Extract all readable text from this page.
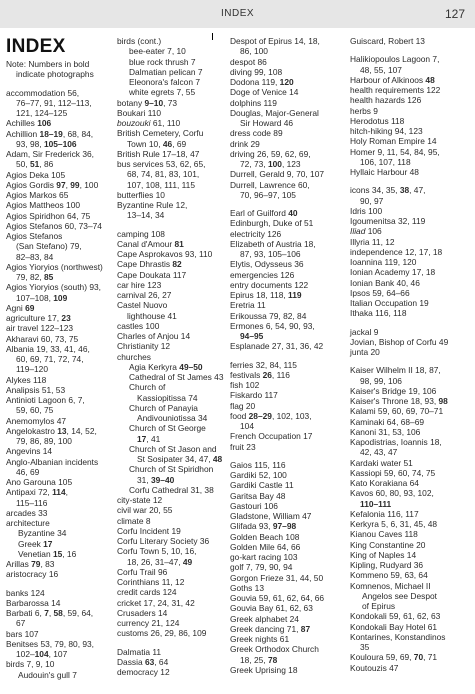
INDEX	127
INDEX
Note: Numbers in bold
indicate photographs
accommodation 56,
76–77, 91, 112–113,
121, 124–125
Achilles 106
Achillion 18–19, 68, 84,
93, 98, 105–106
Adam, Sir Frederick 36,
50, 51, 86
Agios Deka 105
Agios Gordis 97, 99, 100
Agios Markos 65
Agios Mattheos 100
Agios Spiridhon 64, 75
Agios Stefanos 60, 73–74
Agios Stefanos
(San Stefano) 79,
82–83, 84
Agios Yioryios (northwest)
79, 82, 85
Agios Yioryios (south) 93,
107–108, 109
Agni 69
agriculture 17, 23
air travel 122–123
Akharavi 60, 73, 75
Albania 19, 33, 41, 46,
60, 69, 71, 72, 74,
119–120
Alykes 118
Analipsis 51, 53
Antinioti Lagoon 6, 7,
59, 60, 75
Anemomylos 47
Angelokastro 13, 14, 52,
79, 86, 89, 100
Angevins 14
Anglo-Albanian incidents
46, 69
Ano Garouna 105
Antipaxi 72, 114,
115–116
arcades 33
architecture
Byzantine 34
Greek 17
Venetian 15, 16
Arillas 79, 83
aristocracy 16
banks 124
Barbarossa 14
Barbati 6, 7, 58, 59, 64,
67
bars 107
Benitses 53, 79, 80, 93,
102–104, 107
birds 7, 9, 10
Audouin's gull 7
birds (cont.)
bee-eater 7, 10
blue rock thrush 7
Dalmatian pelican 7
Eleonora's falcon 7
white egrets 7, 55
botany 9–10, 73
Boukari 110
bouzouki 61, 110
British Cemetery, Corfu
Town 10, 46, 69
British Rule 17–18, 47
bus services 53, 62, 65,
68, 74, 81, 83, 101,
107, 108, 111, 115
butterflies 10
Byzantine Rule 12,
13–14, 34
camping 108
Canal d'Amour 81
Cape Asprokavos 93, 110
Cape Dhrastis 82
Cape Doukata 117
car hire 123
carnival 26, 27
Castel Nuovo
lighthouse 41
castles 100
Charles of Anjou 14
Christianity 12
churches
Agia Kerkyra 49–50
Cathedral of St James 43
Church of
Kassiopitissa 74
Church of Panayia
Andivouniotissa 34
Church of St George
17, 41
Church of St Jason and
St Sosipater 34, 47, 48
Church of St Spiridhon
31, 39–40
Corfu Cathedral 31, 38
city-state 12
civil war 20, 55
climate 8
Corfu Incident 19
Corfu Literary Society 36
Corfu Town 5, 10, 16,
18, 26, 31–47, 49
Corfu Trail 96
Corinthians 11, 12
credit cards 124
cricket 17, 24, 31, 42
Crusaders 14
currency 21, 124
customs 26, 29, 86, 109
Dalmatia 11
Dassia 63, 64
democracy 12
Despot of Epirus 14, 18,
86, 100
despot 86
diving 99, 108
Dodona 119, 120
Doge of Venice 14
dolphins 119
Douglas, Major-General
Sir Howard 46
dress code 89
drink 29
driving 26, 59, 62, 69,
72, 73, 100, 123
Durrell, Gerald 9, 70, 107
Durrell, Lawrence 60,
70, 96–97, 105
Earl of Guilford 40
Edinburgh, Duke of 51
electricity 126
Elizabeth of Austria 18,
87, 93, 105–106
Elytis, Odysseus 36
emergencies 126
entry documents 122
Epirus 18, 118, 119
Eretria 11
Erikoussa 79, 82, 84
Ermones 6, 54, 90, 93,
94–95
Esplanade 27, 31, 36, 42
ferries 32, 84, 115
festivals 26, 116
fish 102
Fiskardo 117
flag 20
food 28–29, 102, 103,
104
French Occupation 17
fruit 23
Gaios 115, 116
Gardiki 52, 100
Gardiki Castle 11
Garitsa Bay 48
Gastouri 106
Gladstone, William 47
Glifada 93, 97–98
Golden Beach 108
Golden Mile 64, 66
go-kart racing 103
golf 7, 79, 90, 94
Gorgon Frieze 31, 44, 50
Goths 13
Gouvia 59, 61, 62, 64, 66
Gouvia Bay 61, 62, 63
Greek alphabet 24
Greek dancing 71, 87
Greek nights 61
Greek Orthodox Church
18, 25, 78
Greek Uprising 18
Guiscard, Robert 13
Halikiopoulos Lagoon 7,
48, 55, 107
Harbour of Alkinoos 48
health requirements 122
health hazards 126
herbs 9
Herodotus 118
hitch-hiking 94, 123
Holy Roman Empire 14
Homer 9, 11, 54, 84, 95,
106, 107, 118
Hyllaic Harbour 48
icons 34, 35, 38, 47,
90, 97
Idris 100
Igoumenitsa 32, 119
Iliad 106
Illyria 11, 12
independence 12, 17, 18
Ioannina 119, 120
Ionian Academy 17, 18
Ionian Bank 40, 46
Ipsos 59, 64–66
Italian Occupation 19
Ithaka 116, 118
jackal 9
Jovian, Bishop of Corfu 49
junta 20
Kaiser Wilhelm II 18, 87,
98, 99, 106
Kaiser's Bridge 19, 106
Kaiser's Throne 18, 93, 98
Kalami 59, 60, 69, 70–71
Kaminaki 64, 68–69
Kanoni 31, 53, 106
Kapodistrias, Ioannis 18,
42, 43, 47
Kardaki water 51
Kassiopi 59, 60, 74, 75
Kato Korakiana 64
Kavos 60, 80, 93, 102,
110–111
Kefalonia 116, 117
Kerkyra 5, 6, 31, 45, 48
Kianou Caves 118
King Constantine 20
King of Naples 14
Kipling, Rudyard 36
Kommeno 59, 63, 64
Komnenos, Michael II
Angelos see Despot
of Epirus
Kondokali 59, 61, 62, 63
Kondokali Bay Hotel 61
Kontarines, Konstandinos
35
Kouloura 59, 69, 70, 71
Koutouzis 47
